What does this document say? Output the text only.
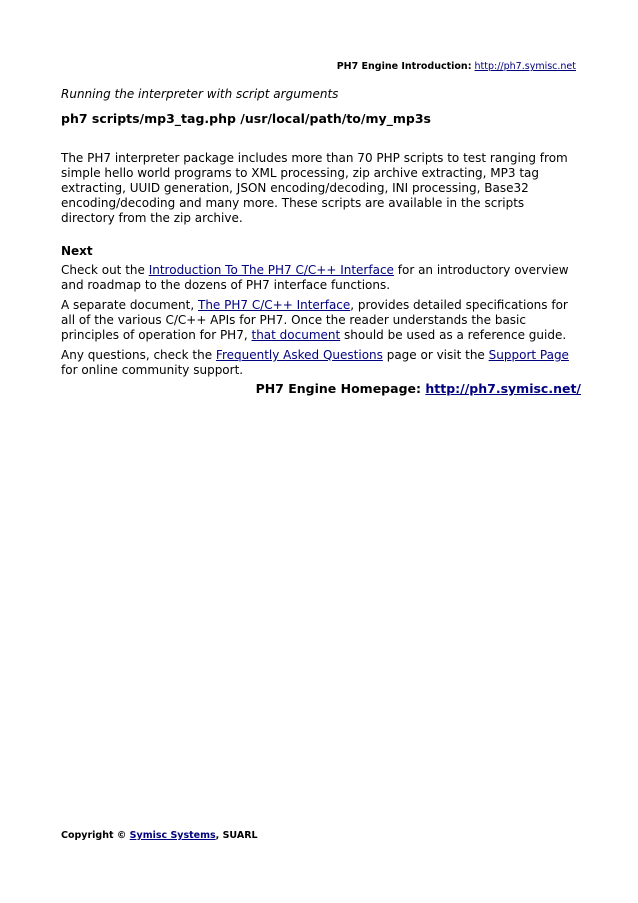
PH7 Engine Introduction: http://ph7.symisc.net

Running the interpreter with script arguments

ph7 scripts/mp3_tag.php /usr/local/path/to/my_mp3s

The PH7 interpreter package includes more than 70 PHP scripts to test ranging from simple hello world programs to XML processing, zip archive extracting, MP3 tag extracting, UUID generation, JSON encoding/decoding, INI processing, Base32 encoding/decoding and many more. These scripts are available in the scripts directory from the zip archive.

Next

Check out the Introduction To The PH7 C/C++ Interface for an introductory overview and roadmap to the dozens of PH7 interface functions.

A separate document, The PH7 C/C++ Interface, provides detailed specifications for all of the various C/C++ APIs for PH7. Once the reader understands the basic principles of operation for PH7, that document should be used as a reference guide.

Any questions, check the Frequently Asked Questions page or visit the Support Page for online community support.

PH7 Engine Homepage: http://ph7.symisc.net/
Copyright © Symisc Systems, SUARL
